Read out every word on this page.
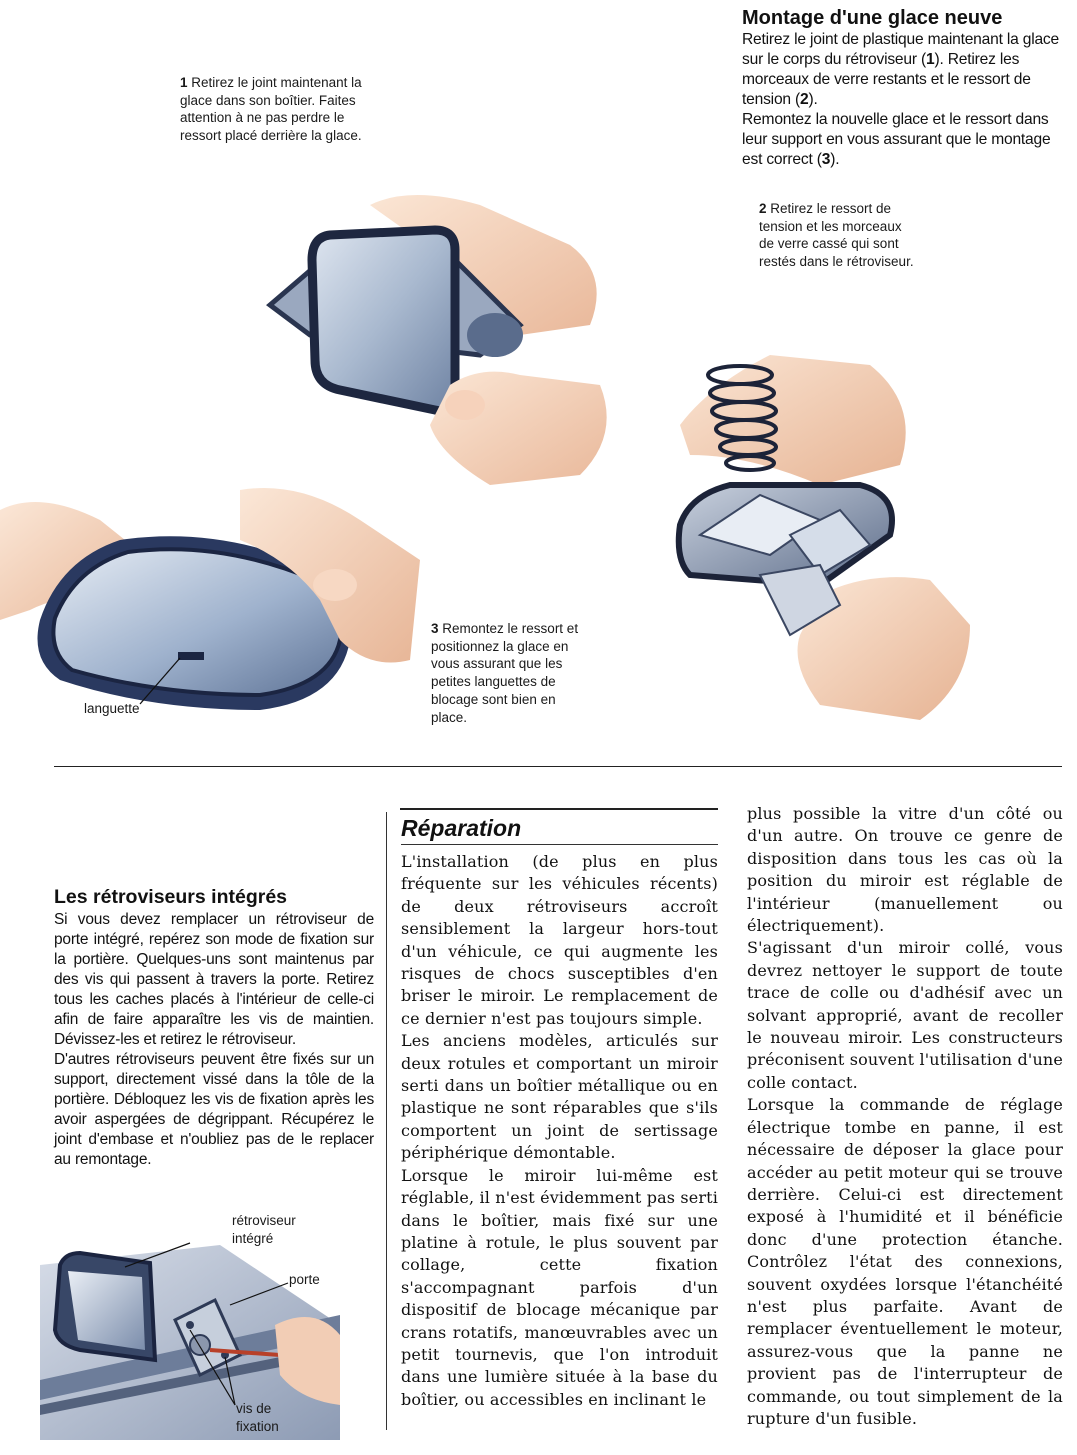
Montage d'une glace neuve

Retirez le joint de plastique maintenant la glace sur le corps du rétroviseur (1). Retirez les morceaux de verre restants et le ressort de tension (2).

Remontez la nouvelle glace et le ressort dans leur support en vous assurant que le montage est correct (3).

1 Retirez le joint maintenant la glace dans son boîtier. Faites attention à ne pas perdre le ressort placé derrière la glace.
2 Retirez le ressort de tension et les morceaux de verre cassé qui sont restés dans le rétroviseur.
3 Remontez le ressort et positionnez la glace en vous assurant que les petites languettes de blocage sont bien en place.
languette
Les rétroviseurs intégrés

Si vous devez remplacer un rétroviseur de porte intégré, repérez son mode de fixation sur la portière. Quelques-uns sont maintenus par des vis qui passent à travers la porte. Retirez tous les caches placés à l'intérieur de celle-ci afin de faire apparaître les vis de maintien. Dévissez-les et retirez le rétroviseur.

D'autres rétroviseurs peuvent être fixés sur un support, directement vissé dans la tôle de la portière. Débloquez les vis de fixation après les avoir aspergées de dégrippant. Récupérez le joint d'embase et n'oubliez pas de le replacer au remontage.

rétroviseur intégré
porte
vis de fixation
Réparation

L'installation (de plus en plus fréquente sur les véhicules récents) de deux rétroviseurs accroît sensiblement la largeur hors-tout d'un véhicule, ce qui augmente les risques de chocs susceptibles d'en briser le miroir. Le remplacement de ce dernier n'est pas toujours simple.

Les anciens modèles, articulés sur deux rotules et comportant un miroir serti dans un boîtier métallique ou en plastique ne sont réparables que s'ils comportent un joint de sertissage périphérique démontable.

Lorsque le miroir lui-même est réglable, il n'est évidemment pas serti dans le boîtier, mais fixé sur une platine à rotule, le plus souvent par collage, cette fixation s'accompagnant parfois d'un dispositif de blocage mécanique par crans rotatifs, manœuvrables avec un petit tournevis, que l'on introduit dans une lumière située à la base du boîtier, ou accessibles en inclinant le

plus possible la vitre d'un côté ou d'un autre. On trouve ce genre de disposition dans tous les cas où la position du miroir est réglable de l'intérieur (manuellement ou électriquement).

S'agissant d'un miroir collé, vous devrez nettoyer le support de toute trace de colle ou d'adhésif avec un solvant approprié, avant de recoller le nouveau miroir. Les constructeurs préconisent souvent l'utilisation d'une colle contact.

Lorsque la commande de réglage électrique tombe en panne, il est nécessaire de déposer la glace pour accéder au petit moteur qui se trouve derrière. Celui-ci est directement exposé à l'humidité et il bénéficie donc d'une protection étanche. Contrôlez l'état des connexions, souvent oxydées lorsque l'étanchéité n'est plus parfaite. Avant de remplacer éventuellement le moteur, assurez-vous que la panne ne provient pas de l'interrupteur de commande, ou tout simplement de la rupture d'un fusible.
